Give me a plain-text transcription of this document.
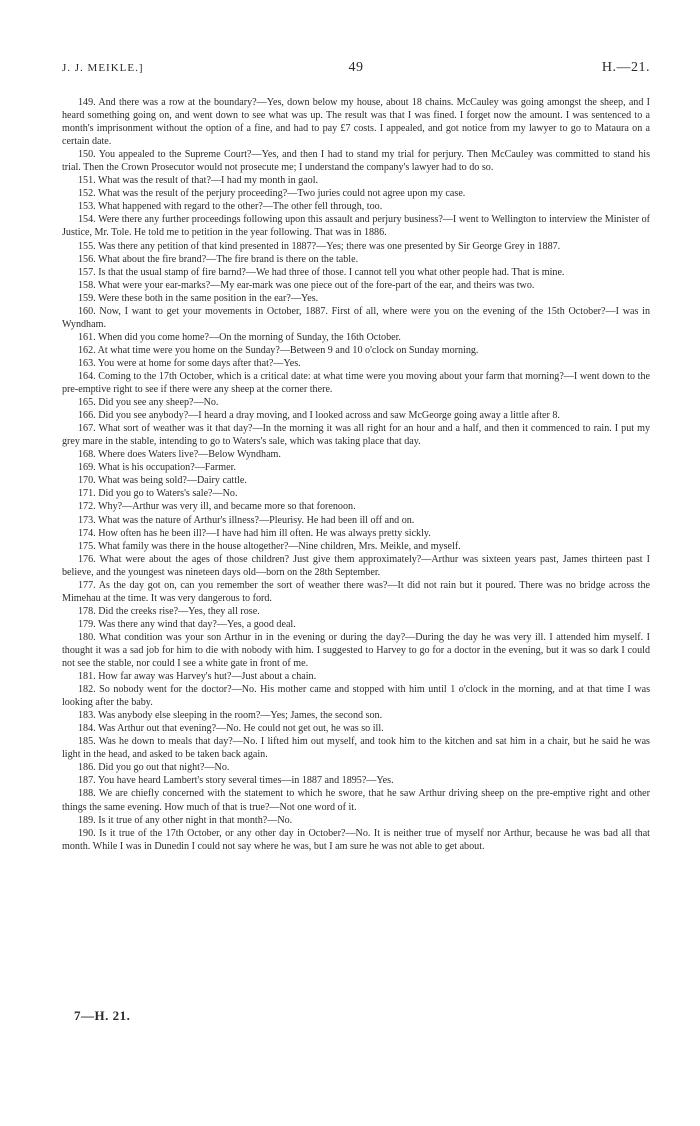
J. J. MEIKLE.]	49	H.—21.

149. And there was a row at the boundary?—Yes, down below my house, about 18 chains. McCauley was going amongst the sheep, and I heard something going on, and went down to see what was up. The result was that I was fined. I forget now the amount. I was sentenced to a month's imprisonment without the option of a fine, and had to pay £7 costs. I appealed, and got notice from my lawyer to go to Mataura on a certain date.

150. You appealed to the Supreme Court?—Yes, and then I had to stand my trial for perjury. Then McCauley was committed to stand his trial. Then the Crown Prosecutor would not prosecute me; I understand the company's lawyer had to do so.

151. What was the result of that?—I had my month in gaol.

152. What was the result of the perjury proceeding?—Two juries could not agree upon my case.

153. What happened with regard to the other?—The other fell through, too.

154. Were there any further proceedings following upon this assault and perjury business?—I went to Wellington to interview the Minister of Justice, Mr. Tole. He told me to petition in the year following. That was in 1886.

155. Was there any petition of that kind presented in 1887?—Yes; there was one presented by Sir George Grey in 1887.

156. What about the fire brand?—The fire brand is there on the table.

157. Is that the usual stamp of fire barnd?—We had three of those. I cannot tell you what other people had. That is mine.

158. What were your ear-marks?—My ear-mark was one piece out of the fore-part of the ear, and theirs was two.

159. Were these both in the same position in the ear?—Yes.

160. Now, I want to get your movements in October, 1887. First of all, where were you on the evening of the 15th October?—I was in Wyndham.

161. When did you come home?—On the morning of Sunday, the 16th October.

162. At what time were you home on the Sunday?—Between 9 and 10 o'clock on Sunday morning.

163. You were at home for some days after that?—Yes.

164. Coming to the 17th October, which is a critical date: at what time were you moving about your farm that morning?—I went down to the pre-emptive right to see if there were any sheep at the corner there.

165. Did you see any sheep?—No.

166. Did you see anybody?—I heard a dray moving, and I looked across and saw McGeorge going away a little after 8.

167. What sort of weather was it that day?—In the morning it was all right for an hour and a half, and then it commenced to rain. I put my grey mare in the stable, intending to go to Waters's sale, which was taking place that day.

168. Where does Waters live?—Below Wyndham.

169. What is his occupation?—Farmer.

170. What was being sold?—Dairy cattle.

171. Did you go to Waters's sale?—No.

172. Why?—Arthur was very ill, and became more so that forenoon.

173. What was the nature of Arthur's illness?—Pleurisy. He had been ill off and on.

174. How often has he been ill?—I have had him ill often. He was always pretty sickly.

175. What family was there in the house altogether?—Nine children, Mrs. Meikle, and myself.

176. What were about the ages of those children? Just give them approximately?—Arthur was sixteen years past, James thirteen past I believe, and the youngest was nineteen days old—born on the 28th September.

177. As the day got on, can you remember the sort of weather there was?—It did not rain but it poured. There was no bridge across the Mimehau at the time. It was very dangerous to ford.

178. Did the creeks rise?—Yes, they all rose.

179. Was there any wind that day?—Yes, a good deal.

180. What condition was your son Arthur in in the evening or during the day?—During the day he was very ill. I attended him myself. I thought it was a sad job for him to die with nobody with him. I suggested to Harvey to go for a doctor in the evening, but it was so dark I could not see the stable, nor could I see a white gate in front of me.

181. How far away was Harvey's hut?—Just about a chain.

182. So nobody went for the doctor?—No. His mother came and stopped with him until 1 o'clock in the morning, and at that time I was looking after the baby.

183. Was anybody else sleeping in the room?—Yes; James, the second son.

184. Was Arthur out that evening?—No. He could not get out, he was so ill.

185. Was he down to meals that day?—No. I lifted him out myself, and took him to the kitchen and sat him in a chair, but he said he was light in the head, and asked to be taken back again.

186. Did you go out that night?—No.

187. You have heard Lambert's story several times—in 1887 and 1895?—Yes.

188. We are chiefly concerned with the statement to which he swore, that he saw Arthur driving sheep on the pre-emptive right and other things the same evening. How much of that is true?—Not one word of it.

189. Is it true of any other night in that month?—No.

190. Is it true of the 17th October, or any other day in October?—No. It is neither true of myself nor Arthur, because he was bad all that month. While I was in Dunedin I could not say where he was, but I am sure he was not able to get about.

7—H. 21.
